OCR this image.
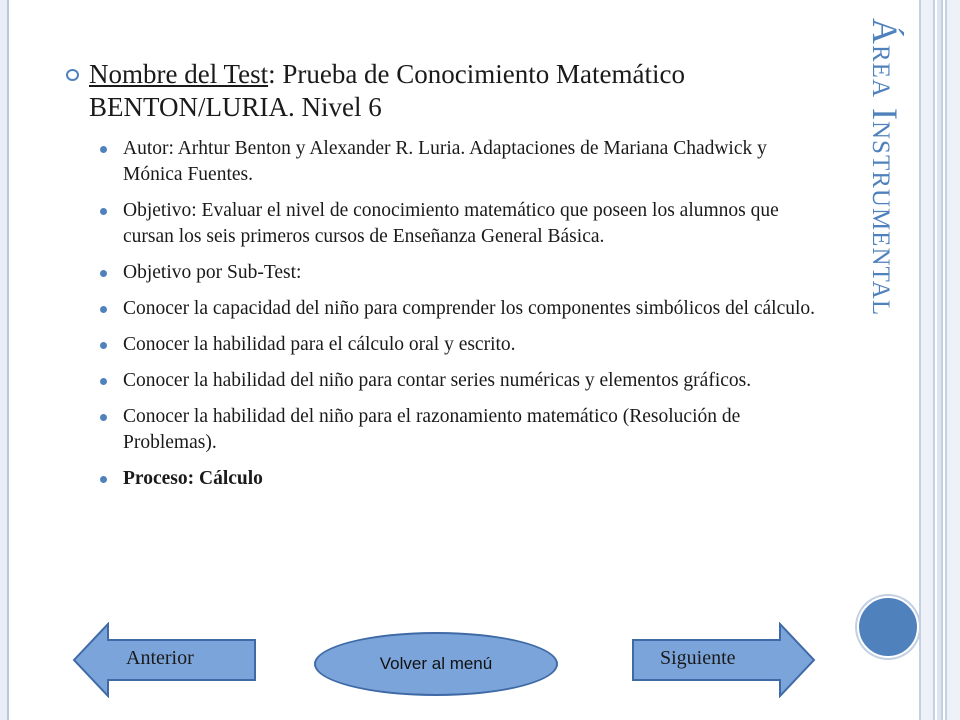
Área Instrumental
Nombre del Test: Prueba de Conocimiento Matemático BENTON/LURIA. Nivel 6
Autor: Arhtur Benton y Alexander R. Luria. Adaptaciones de Mariana Chadwick y Mónica Fuentes.
Objetivo: Evaluar el nivel de conocimiento matemático que poseen los alumnos que cursan los seis primeros cursos de Enseñanza General Básica.
Objetivo por Sub-Test:
Conocer la capacidad del niño para comprender los componentes simbólicos del cálculo.
Conocer la habilidad para el cálculo oral y escrito.
Conocer la habilidad del niño para contar series numéricas y elementos gráficos.
Conocer la habilidad del niño para el razonamiento matemático (Resolución de Problemas).
Proceso: Cálculo
Anterior	Volver al menú	Siguiente
